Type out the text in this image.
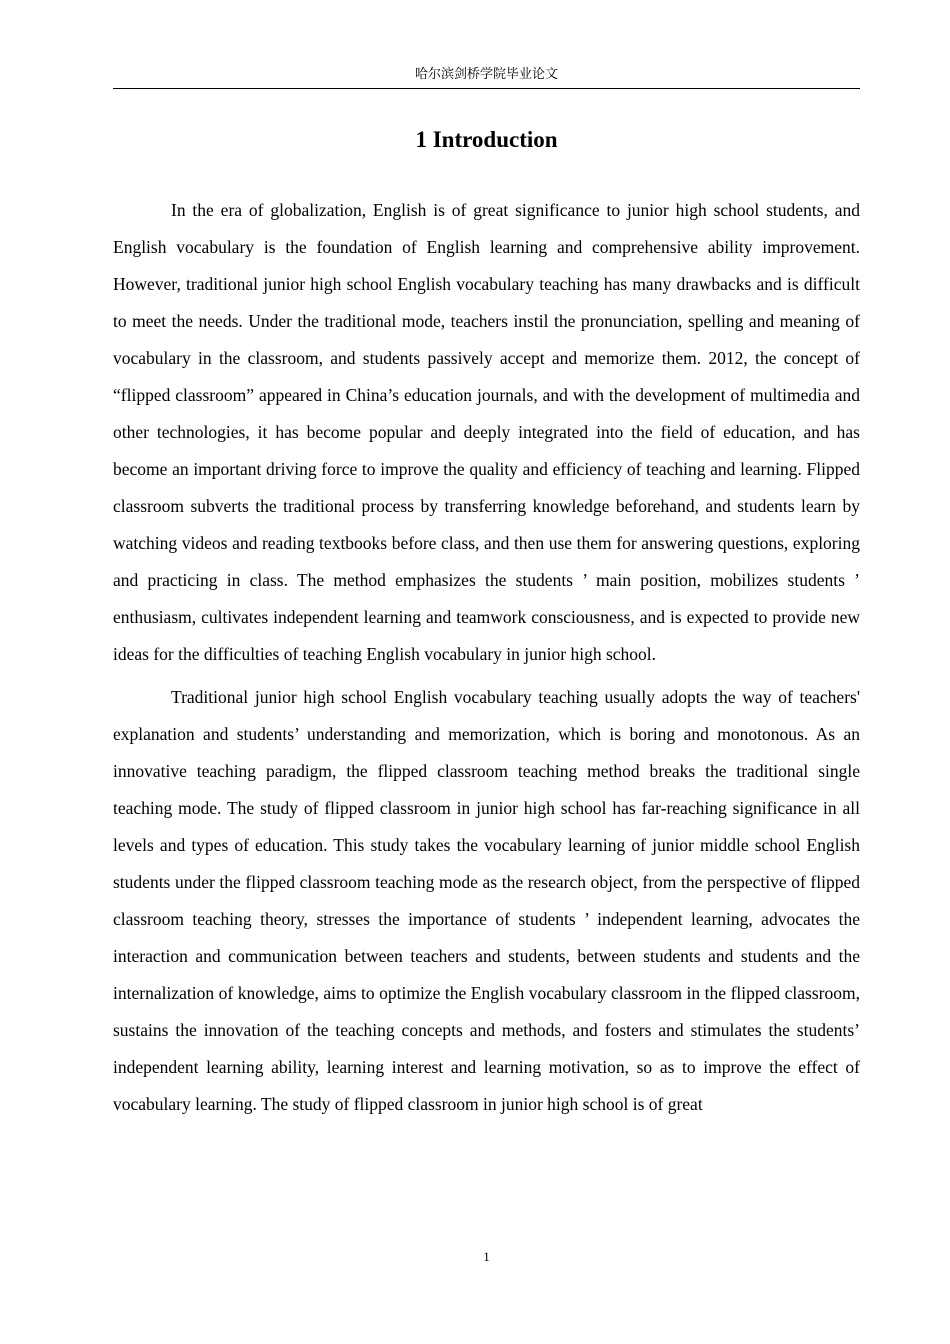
哈尔滨剑桥学院毕业论文
1 Introduction

In the era of globalization, English is of great significance to junior high school students, and English vocabulary is the foundation of English learning and comprehensive ability improvement. However, traditional junior high school English vocabulary teaching has many drawbacks and is difficult to meet the needs. Under the traditional mode, teachers instil the pronunciation, spelling and meaning of vocabulary in the classroom, and students passively accept and memorize them. 2012, the concept of “flipped classroom” appeared in China’s education journals, and with the development of multimedia and other technologies, it has become popular and deeply integrated into the field of education, and has become an important driving force to improve the quality and efficiency of teaching and learning. Flipped classroom subverts the traditional process by transferring knowledge beforehand, and students learn by watching videos and reading textbooks before class, and then use them for answering questions, exploring and practicing in class. The method emphasizes the students ’ main position, mobilizes students ’ enthusiasm, cultivates independent learning and teamwork consciousness, and is expected to provide new ideas for the difficulties of teaching English vocabulary in junior high school.

Traditional junior high school English vocabulary teaching usually adopts the way of teachers' explanation and students’ understanding and memorization, which is boring and monotonous. As an innovative teaching paradigm, the flipped classroom teaching method breaks the traditional single teaching mode. The study of flipped classroom in junior high school has far-reaching significance in all levels and types of education. This study takes the vocabulary learning of junior middle school English students under the flipped classroom teaching mode as the research object, from the perspective of flipped classroom teaching theory, stresses the importance of students ’ independent learning, advocates the interaction and communication between teachers and students, between students and students and the internalization of knowledge, aims to optimize the English vocabulary classroom in the flipped classroom, sustains the innovation of the teaching concepts and methods, and fosters and stimulates the students’ independent learning ability, learning interest and learning motivation, so as to improve the effect of vocabulary learning. The study of flipped classroom in junior high school is of great

1
